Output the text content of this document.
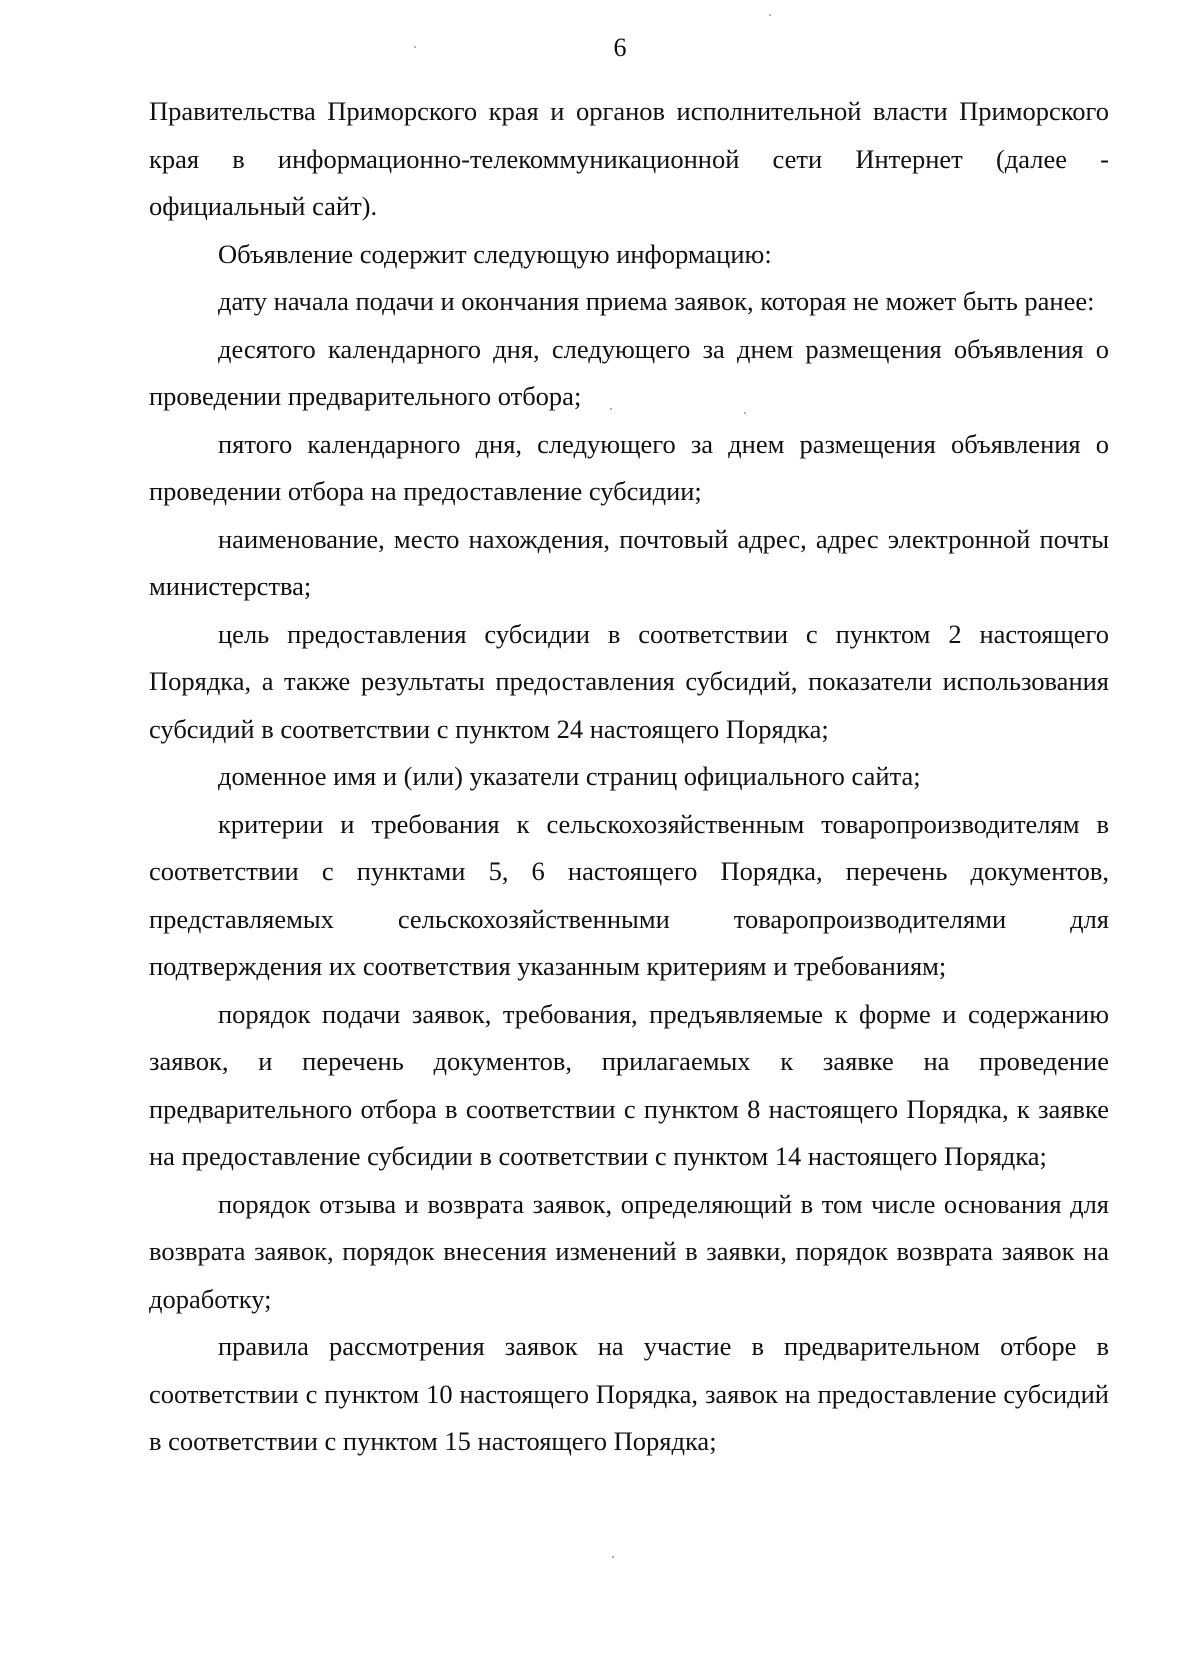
6

Правительства Приморского края и органов исполнительной власти Приморского края в информационно-телекоммуникационной сети Интернет (далее - официальный сайт).

Объявление содержит следующую информацию:

дату начала подачи и окончания приема заявок, которая не может быть ранее:

десятого календарного дня, следующего за днем размещения объявления о проведении предварительного отбора;

пятого календарного дня, следующего за днем размещения объявления о проведении отбора на предоставление субсидии;

наименование, место нахождения, почтовый адрес, адрес электронной почты министерства;

цель предоставления субсидии в соответствии с пунктом 2 настоящего Порядка, а также результаты предоставления субсидий, показатели использования субсидий в соответствии с пунктом 24 настоящего Порядка;

доменное имя и (или) указатели страниц официального сайта;

критерии и требования к сельскохозяйственным товаропроизводителям в соответствии с пунктами 5, 6 настоящего Порядка, перечень документов, представляемых сельскохозяйственными товаропроизводителями для подтверждения их соответствия указанным критериям и требованиям;

порядок подачи заявок, требования, предъявляемые к форме и содержанию заявок, и перечень документов, прилагаемых к заявке на проведение предварительного отбора в соответствии с пунктом 8 настоящего Порядка, к заявке на предоставление субсидии в соответствии с пунктом 14 настоящего Порядка;

порядок отзыва и возврата заявок, определяющий в том числе основания для возврата заявок, порядок внесения изменений в заявки, порядок возврата заявок на доработку;

правила рассмотрения заявок на участие в предварительном отборе в соответствии с пунктом 10 настоящего Порядка, заявок на предоставление субсидий в соответствии с пунктом 15 настоящего Порядка;
